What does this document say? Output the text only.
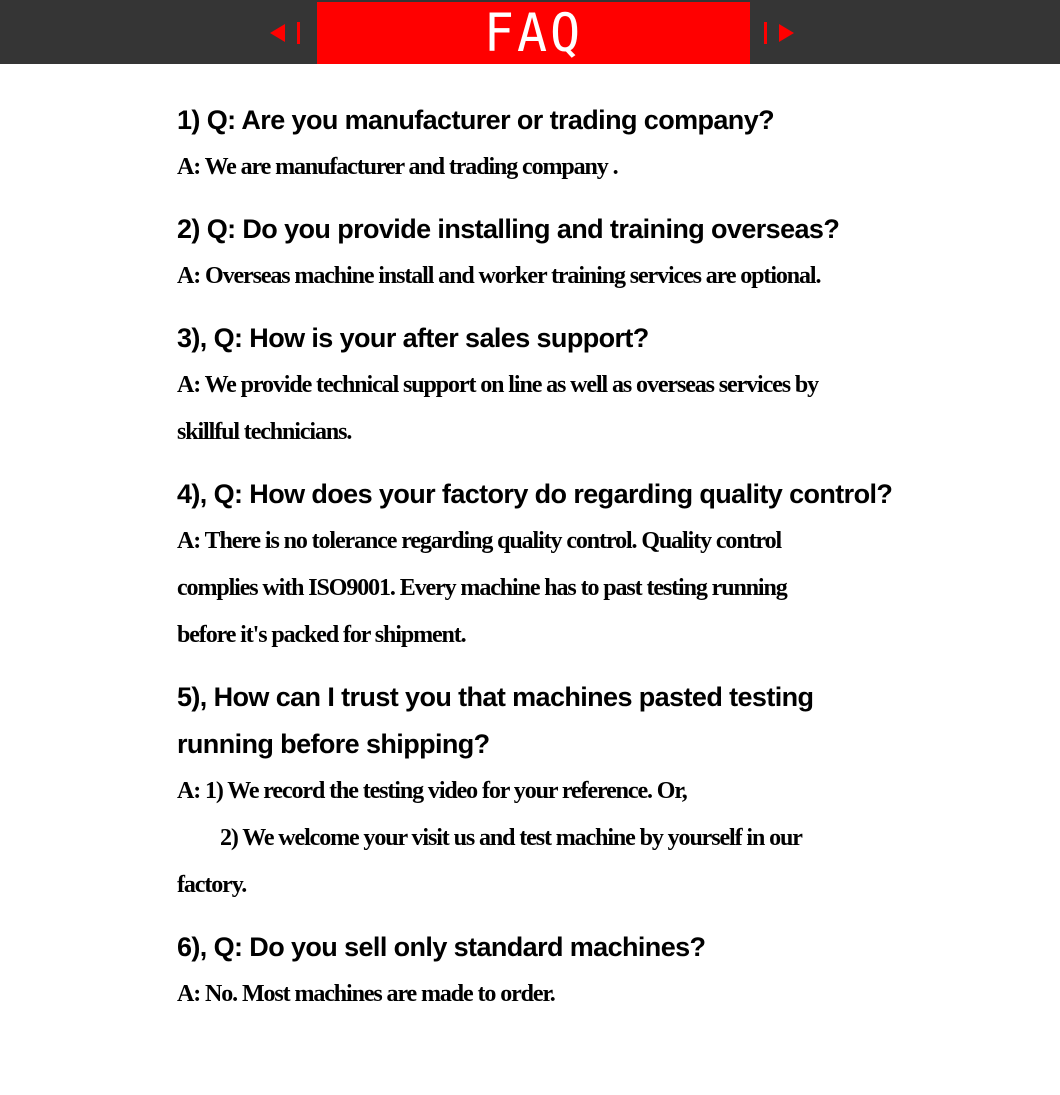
FAQ

1) Q: Are you manufacturer or trading company?

A: We are manufacturer and trading company .

2) Q: Do you provide installing and training overseas?

A: Overseas machine install and worker training services are optional.

3), Q: How is your after sales support?

A: We provide technical support on line as well as overseas services by

skillful technicians.

4), Q: How does your factory do regarding quality control?

A: There is no tolerance regarding quality control. Quality control

complies with ISO9001. Every machine has to past testing running

before it's packed for shipment.

5), How can I trust you that machines pasted testing

running before shipping?

A: 1) We record the testing video for your reference. Or,

2) We welcome your visit us and test machine by yourself in our

factory.

6), Q: Do you sell only standard machines?

A: No. Most machines are made to order.
